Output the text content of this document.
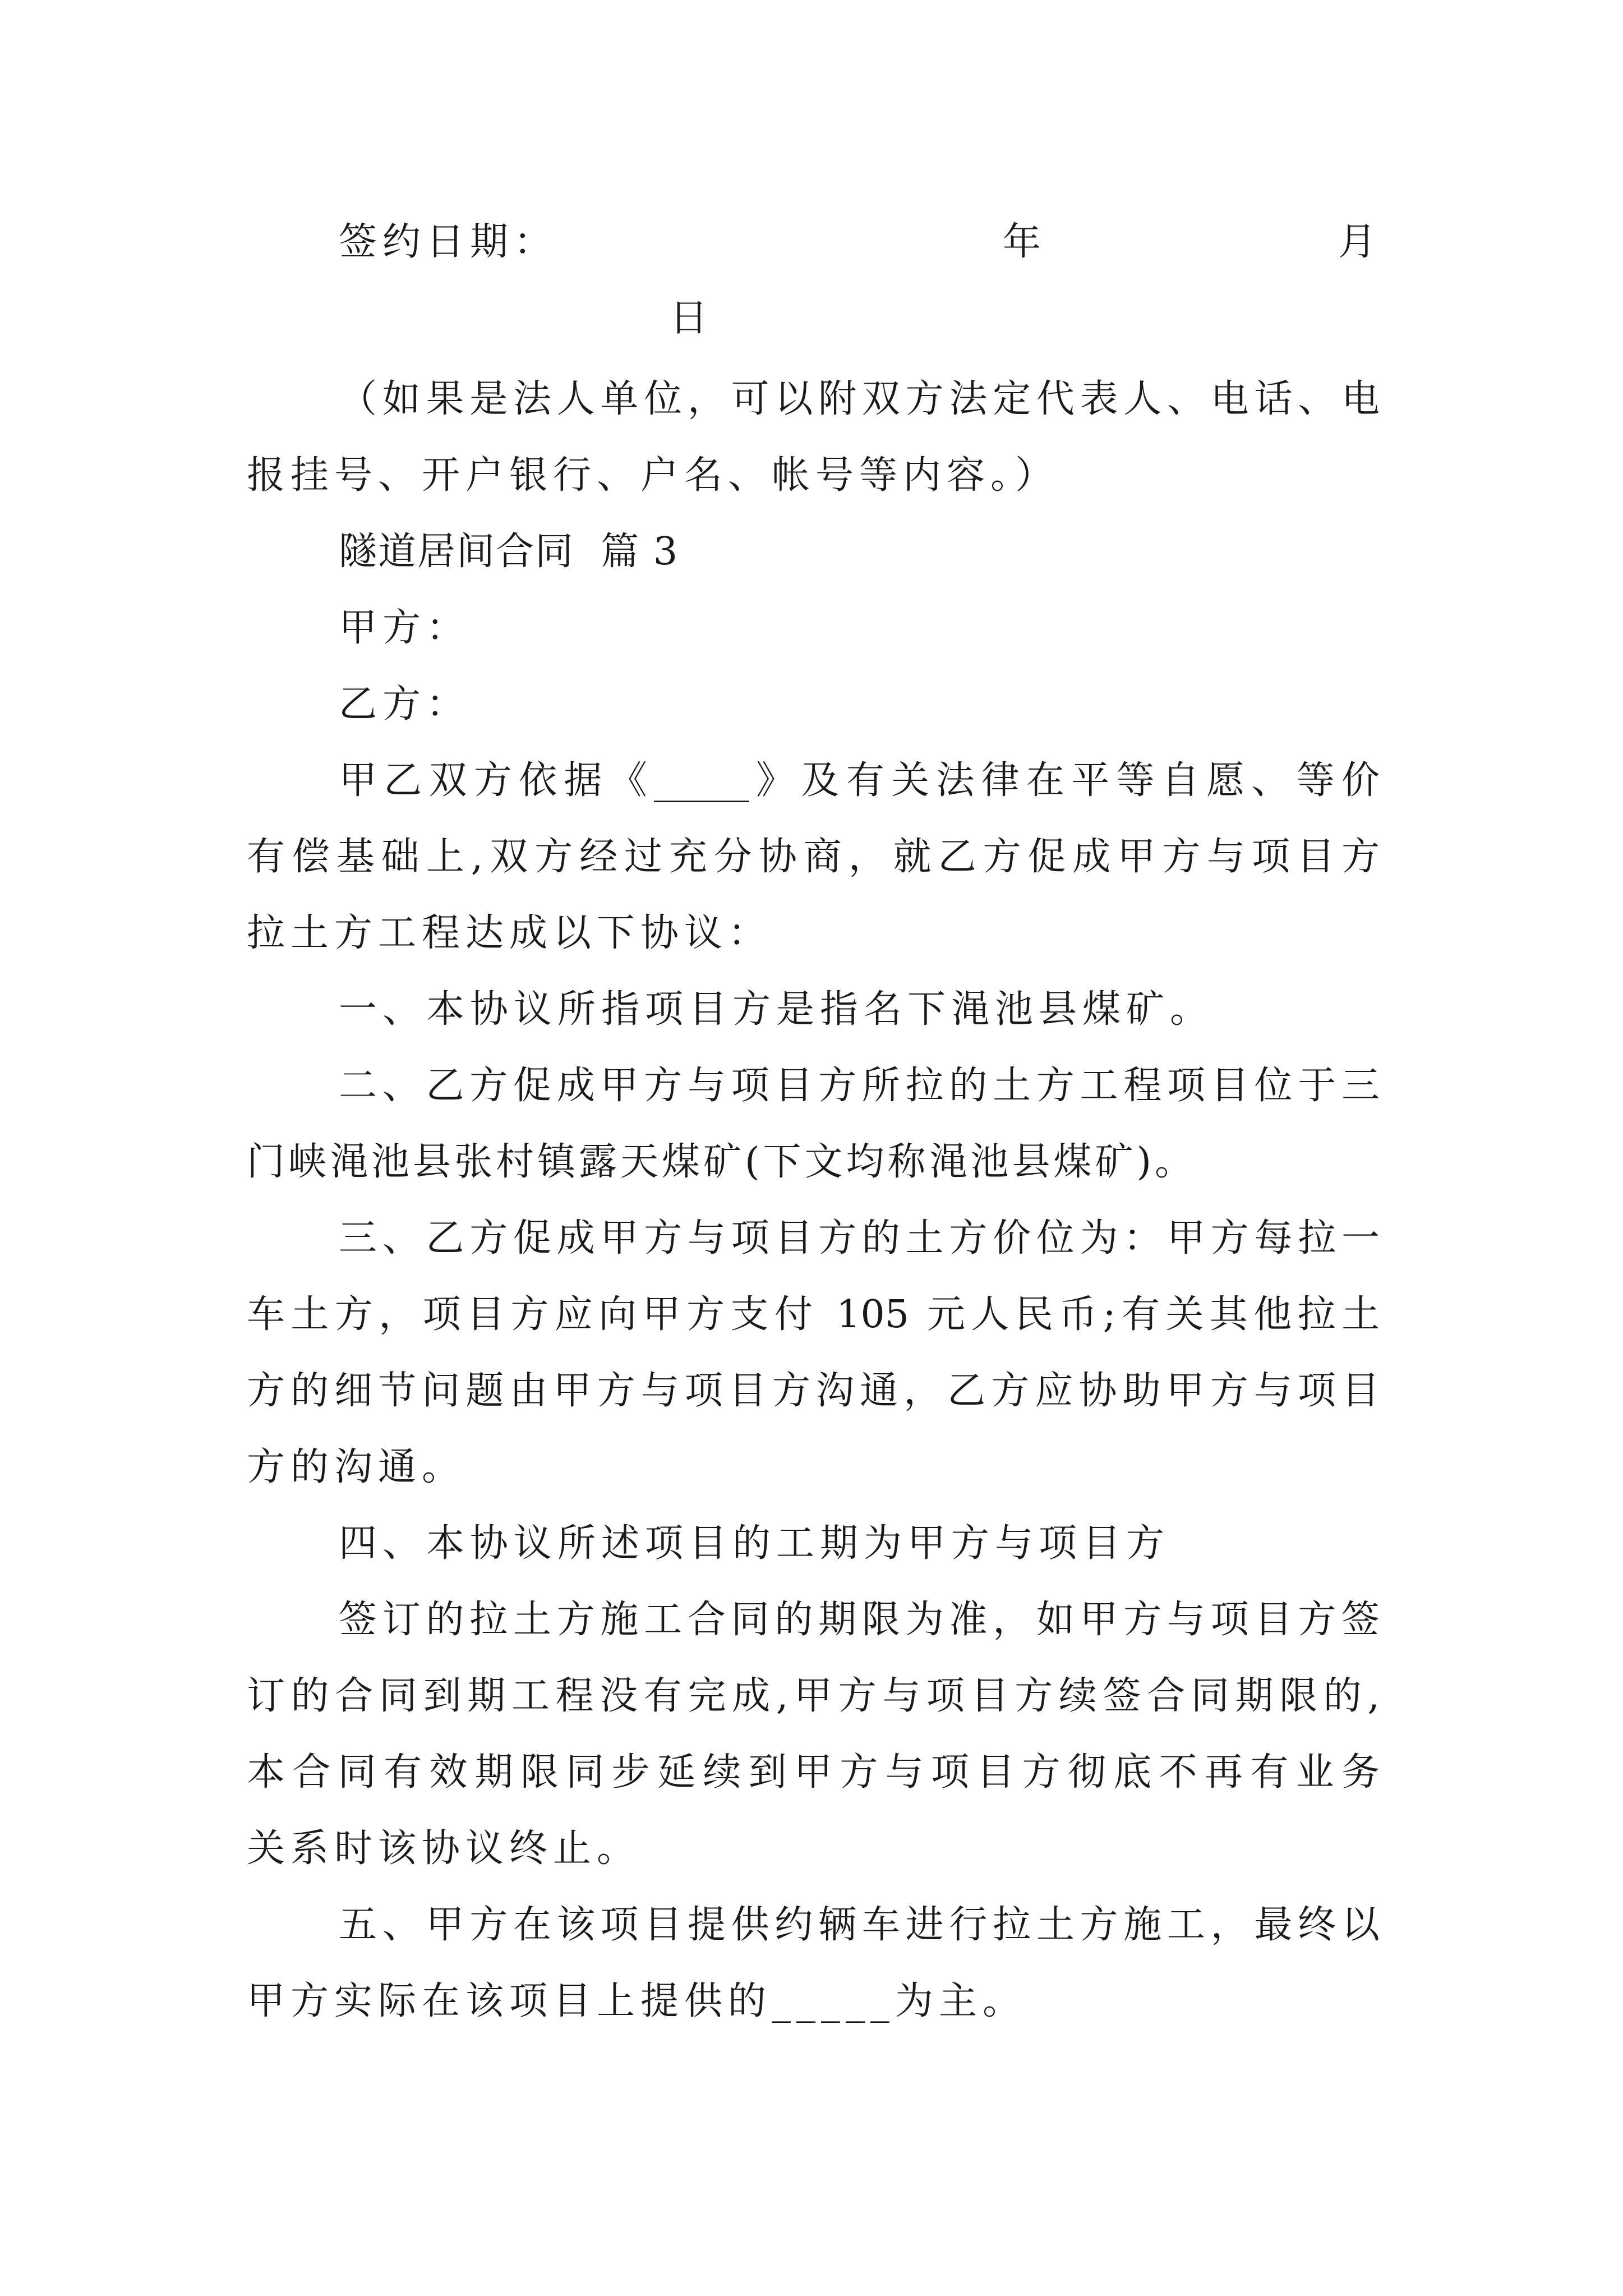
签约日期：	年	月
日
（如果是法人单位，可以附双方法定代表人、电话、电
报挂号、开户银行、户名、帐号等内容。）
隧道居间合同  篇 3
甲方：
乙方：
甲乙双方依据《_____》及有关法律在平等自愿、等价
有偿基础上,双方经过充分协商，就乙方促成甲方与项目方
拉土方工程达成以下协议：
一、本协议所指项目方是指名下渑池县煤矿。
二、乙方促成甲方与项目方所拉的土方工程项目位于三
门峡渑池县张村镇露天煤矿(下文均称渑池县煤矿)。
三、乙方促成甲方与项目方的土方价位为：甲方每拉一
车土方，项目方应向甲方支付 105 元人民币;有关其他拉土
方的细节问题由甲方与项目方沟通，乙方应协助甲方与项目
方的沟通。
四、本协议所述项目的工期为甲方与项目方
签订的拉土方施工合同的期限为准，如甲方与项目方签
订的合同到期工程没有完成,甲方与项目方续签合同期限的,
本合同有效期限同步延续到甲方与项目方彻底不再有业务
关系时该协议终止。
五、甲方在该项目提供约辆车进行拉土方施工，最终以
甲方实际在该项目上提供的_____为主。
